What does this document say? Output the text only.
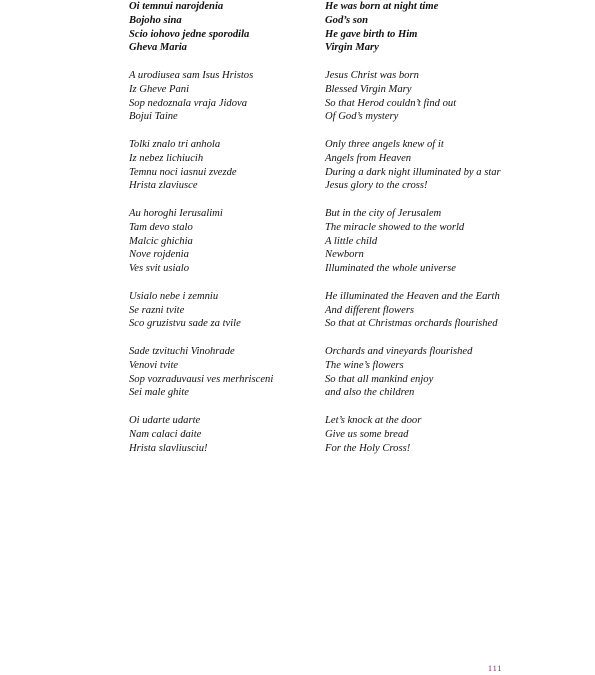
Oi temnui narojdenia
Bojoho sina
Scio iohovo jedne sporodila
Gheva Maria
A urodiusea sam Isus Hristos
Iz Gheve Pani
Sop nedoznala vraja Jidova
Bojui Taine
Tolki znalo tri anhola
Iz nebez lichiucih
Temnu noci iasnui zvezde
Hrista zlaviusce
Au horoghi Ierusalimi
Tam devo stalo
Malcic ghichia
Nove rojdenia
Ves svit usialo
Usialo nebe i zemniu
Se razni tvite
Sco gruzistvu sade za tvile
Sade tzvituchi Vinohrade
Venovi tvite
Sop vozraduvausi ves merhrisceni
Sei male ghite
Oi udarte udarte
Nam calaci daite
Hrista slavliusciu!
He was born at night time
God’s son
He gave birth to Him
Virgin Mary
Jesus Christ was born
Blessed Virgin Mary
So that Herod couldn’t find out
Of God’s mystery
Only three angels knew of it
Angels from Heaven
During a dark night illuminated by a star
Jesus glory to the cross!
But in the city of Jerusalem
The miracle showed to the world
A little child
Newborn
Illuminated the whole universe
He illuminated the Heaven and the Earth
And different flowers
So that at Christmas orchards flourished
Orchards and vineyards flourished
The wine’s flowers
So that all mankind enjoy
and also the children
Let’s knock at the door
Give us some bread
For the Holy Cross!
111
